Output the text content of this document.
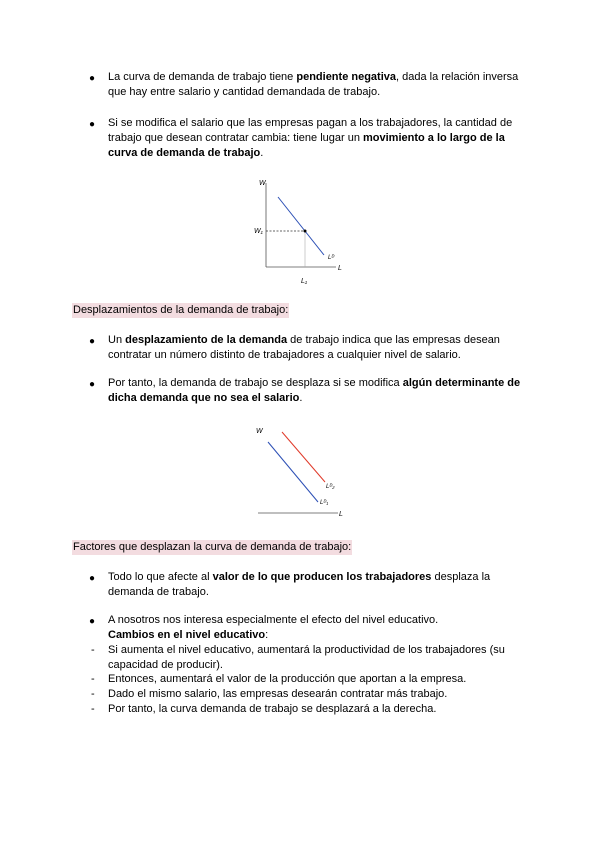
● La curva de demanda de trabajo tiene pendiente negativa, dada la relación inversa que hay entre salario y cantidad demandada de trabajo.
● Si se modifica el salario que las empresas pagan a los trabajadores, la cantidad de trabajo que desean contratar cambia: tiene lugar un movimiento a lo largo de la curva de demanda de trabajo.
W
W₁
L
L₁
Lᴰ
Desplazamientos de la demanda de trabajo:
● Un desplazamiento de la demanda de trabajo indica que las empresas desean contratar un número distinto de trabajadores a cualquier nivel de salario.
● Por tanto, la demanda de trabajo se desplaza si se modifica algún determinante de dicha demanda que no sea el salario.
W
L
Lᴰ₂
Lᴰ₁
Factores que desplazan la curva de demanda de trabajo:
● Todo lo que afecte al valor de lo que producen los trabajadores desplaza la demanda de trabajo.
● A nosotros nos interesa especialmente el efecto del nivel educativo.
Cambios en el nivel educativo:
-	Si aumenta el nivel educativo, aumentará la productividad de los trabajadores (su capacidad de producir).
-	Entonces, aumentará el valor de la producción que aportan a la empresa.
-	Dado el mismo salario, las empresas desearán contratar más trabajo.
-	Por tanto, la curva demanda de trabajo se desplazará a la derecha.
